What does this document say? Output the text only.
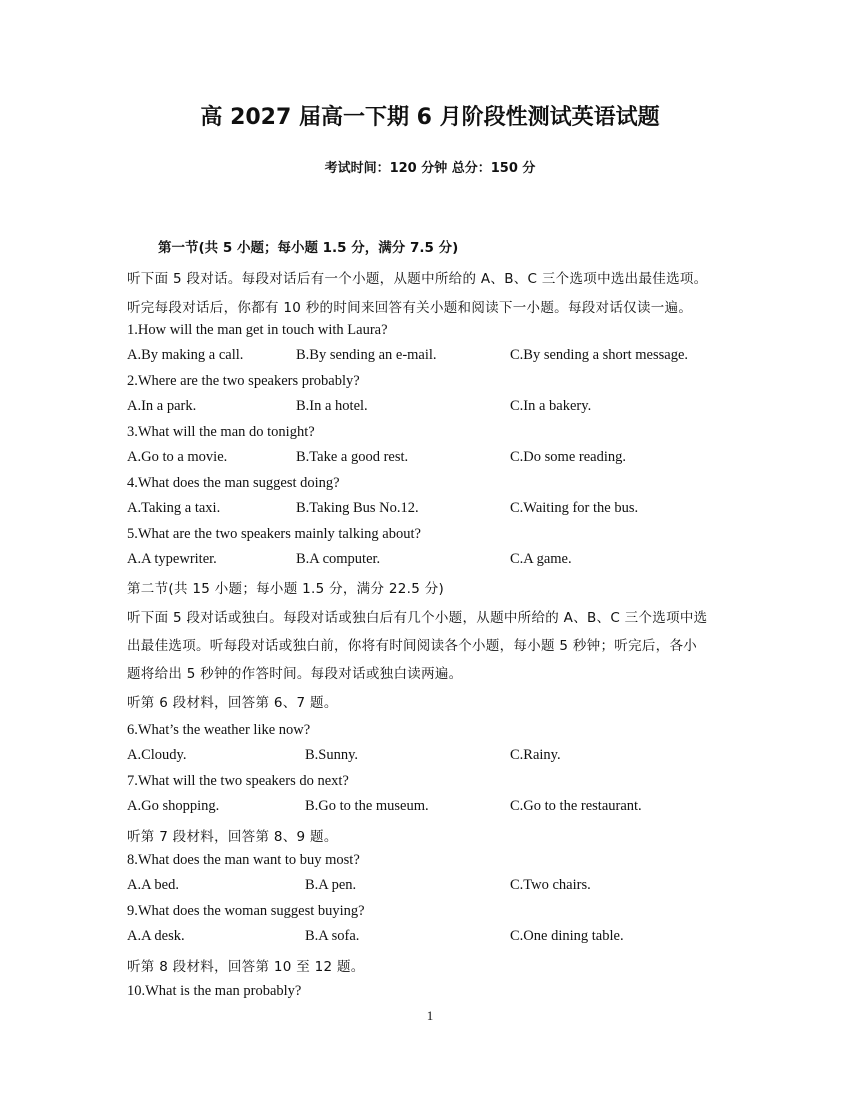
高 2027 届高一下期 6 月阶段性测试英语试题
考试时间：120 分钟 总分：150 分
第一节(共 5 小题；每小题 1.5 分，满分 7.5 分)
听下面 5 段对话。每段对话后有一个小题，从题中所给的 A、B、C 三个选项中选出最佳选项。
听完每段对话后，你都有 10 秒的时间来回答有关小题和阅读下一小题。每段对话仅读一遍。
1.How will the man get in touch with Laura?
A.By making a call.	B.By sending an e-mail.	C.By sending a short message.
2.Where are the two speakers probably?
A.In a park.	B.In a hotel.	C.In a bakery.
3.What will the man do tonight?
A.Go to a movie.	B.Take a good rest.	C.Do some reading.
4.What does the man suggest doing?
A.Taking a taxi.	B.Taking Bus No.12.	C.Waiting for the bus.
5.What are the two speakers mainly talking about?
A.A typewriter.	B.A computer.	C.A game.
第二节(共 15 小题；每小题 1.5 分，满分 22.5 分)
听下面 5 段对话或独白。每段对话或独白后有几个小题，从题中所给的 A、B、C 三个选项中选
出最佳选项。听每段对话或独白前，你将有时间阅读各个小题，每小题 5 秒钟；听完后，各小
题将给出 5 秒钟的作答时间。每段对话或独白读两遍。
听第 6 段材料，回答第 6、7 题。
6.What’s the weather like now?
A.Cloudy.	B.Sunny.	C.Rainy.
7.What will the two speakers do next?
A.Go shopping.	B.Go to the museum.	C.Go to the restaurant.
听第 7 段材料，回答第 8、9 题。
8.What does the man want to buy most?
A.A bed.	B.A pen.	C.Two chairs.
9.What does the woman suggest buying?
A.A desk.	B.A sofa.	C.One dining table.
听第 8 段材料，回答第 10 至 12 题。
10.What is the man probably?
1
